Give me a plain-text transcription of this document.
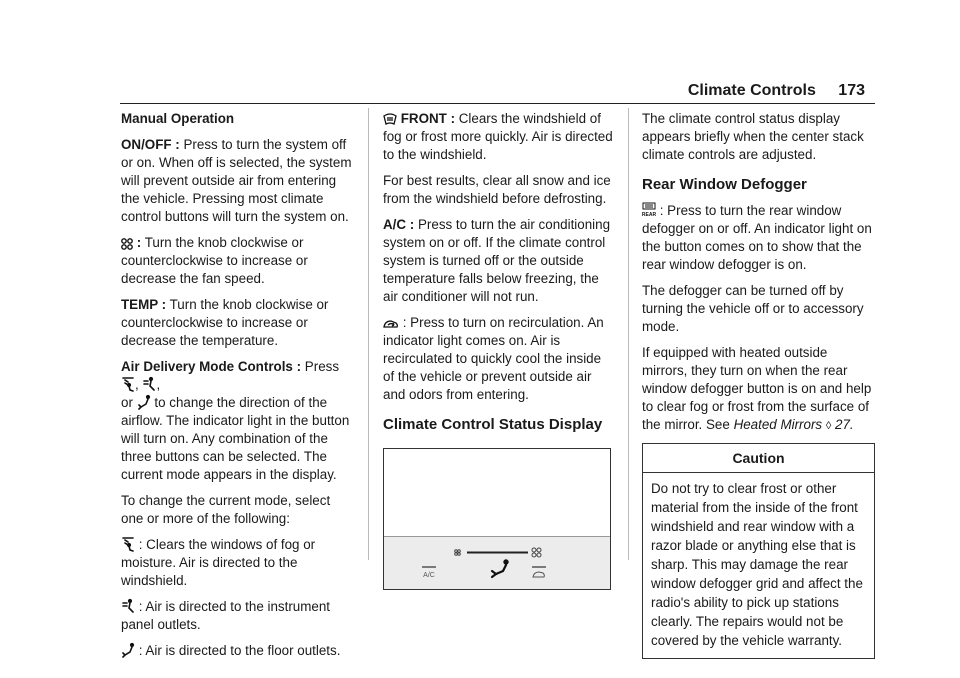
Climate Controls 173

Manual Operation

ON/OFF : Press to turn the system off or on. When off is selected, the system will prevent outside air from entering the vehicle. Pressing most climate control buttons will turn the system on.

: Turn the knob clockwise or counterclockwise to increase or decrease the fan speed.

TEMP : Turn the knob clockwise or counterclockwise to increase or decrease the temperature.

Air Delivery Mode Controls : Press
, ,
or to change the direction of the airflow. The indicator light in the button will turn on. Any combination of the three buttons can be selected. The current mode appears in the display.

To change the current mode, select one or more of the following:

: Clears the windows of fog or moisture. Air is directed to the windshield.

: Air is directed to the instrument panel outlets.

: Air is directed to the floor outlets.

FRONT : Clears the windshield of fog or frost more quickly. Air is directed to the windshield.

For best results, clear all snow and ice from the windshield before defrosting.

A/C : Press to turn the air conditioning system on or off. If the climate control system is turned off or the outside temperature falls below freezing, the air conditioner will not run.

: Press to turn on recirculation. An indicator light comes on. Air is recirculated to quickly cool the inside of the vehicle or prevent outside air and odors from entering.

Climate Control Status Display
A/C

The climate control status display appears briefly when the center stack climate controls are adjusted.

Rear Window Defogger

REAR : Press to turn the rear window defogger on or off. An indicator light on the button comes on to show that the rear window defogger is on.

The defogger can be turned off by turning the vehicle off or to accessory mode.

If equipped with heated outside mirrors, they turn on when the rear window defogger button is on and help to clear fog or frost from the surface of the mirror. See Heated Mirrors ◊ 27.

Caution
Do not try to clear frost or other material from the inside of the front windshield and rear window with a razor blade or anything else that is sharp. This may damage the rear window defogger grid and affect the radio's ability to pick up stations clearly. The repairs would not be covered by the vehicle warranty.
